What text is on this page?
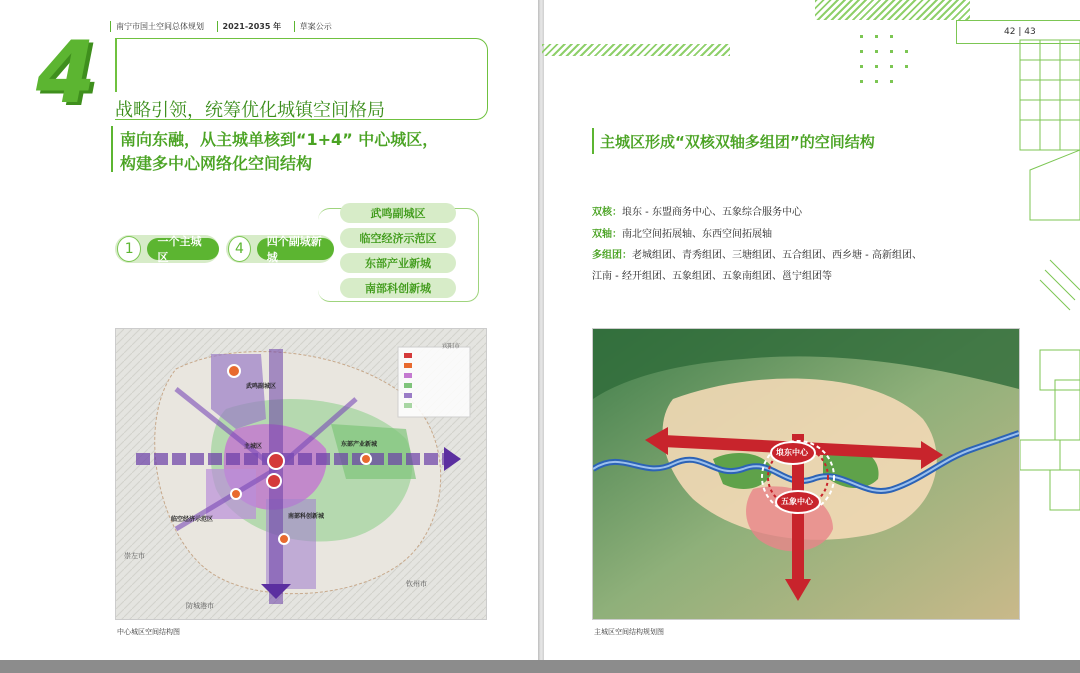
南宁市国土空间总体规划 2021-2035 年 草案公示
4 战略引领，统筹优化城镇空间格局
南向东融，从主城单核到“1+4” 中心城区，
构建多中心网络化空间结构
1	一个主城区
4	四个副城新城
武鸣副城区
临空经济示范区
东部产业新城
南部科创新城
武鸣副城区
主城区	东部产业新城
临空经济示范区	南部科创新城
钦州市
防城港市
崇左市
宾阳市
中心城区空间结构图
42 | 43
主城区形成“双核双轴多组团”的空间结构
双核：埌东 - 东盟商务中心、五象综合服务中心
双轴：南北空间拓展轴、东西空间拓展轴
多组团：老城组团、青秀组团、三塘组团、五合组团、西乡塘 - 高新组团、
江南 - 经开组团、五象组团、五象南组团、邕宁组团等
埌东中心
五象中心
主城区空间结构规划图
